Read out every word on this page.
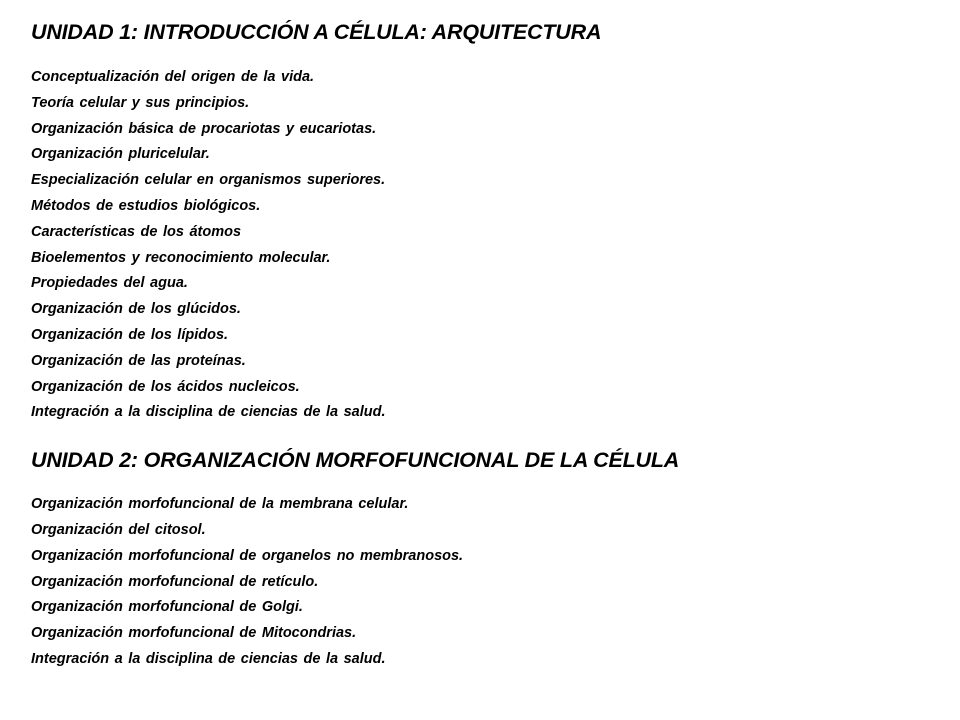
UNIDAD 1: INTRODUCCIÓN A CÉLULA: ARQUITECTURA
Conceptualización del origen de la vida.
Teoría celular y sus principios.
Organización básica de procariotas y eucariotas.
Organización pluricelular.
Especialización celular en organismos superiores.
Métodos de estudios biológicos.
Características de los átomos
Bioelementos y reconocimiento molecular.
Propiedades del agua.
Organización de los glúcidos.
Organización de los lípidos.
Organización de las proteínas.
Organización de los ácidos nucleicos.
Integración a la disciplina de ciencias de la salud.
UNIDAD 2: ORGANIZACIÓN MORFOFUNCIONAL DE LA CÉLULA
Organización morfofuncional de la membrana celular.
Organización del citosol.
Organización morfofuncional de organelos no membranosos.
Organización morfofuncional de retículo.
Organización morfofuncional de Golgi.
Organización morfofuncional de Mitocondrias.
Integración a la disciplina de ciencias de la salud.
